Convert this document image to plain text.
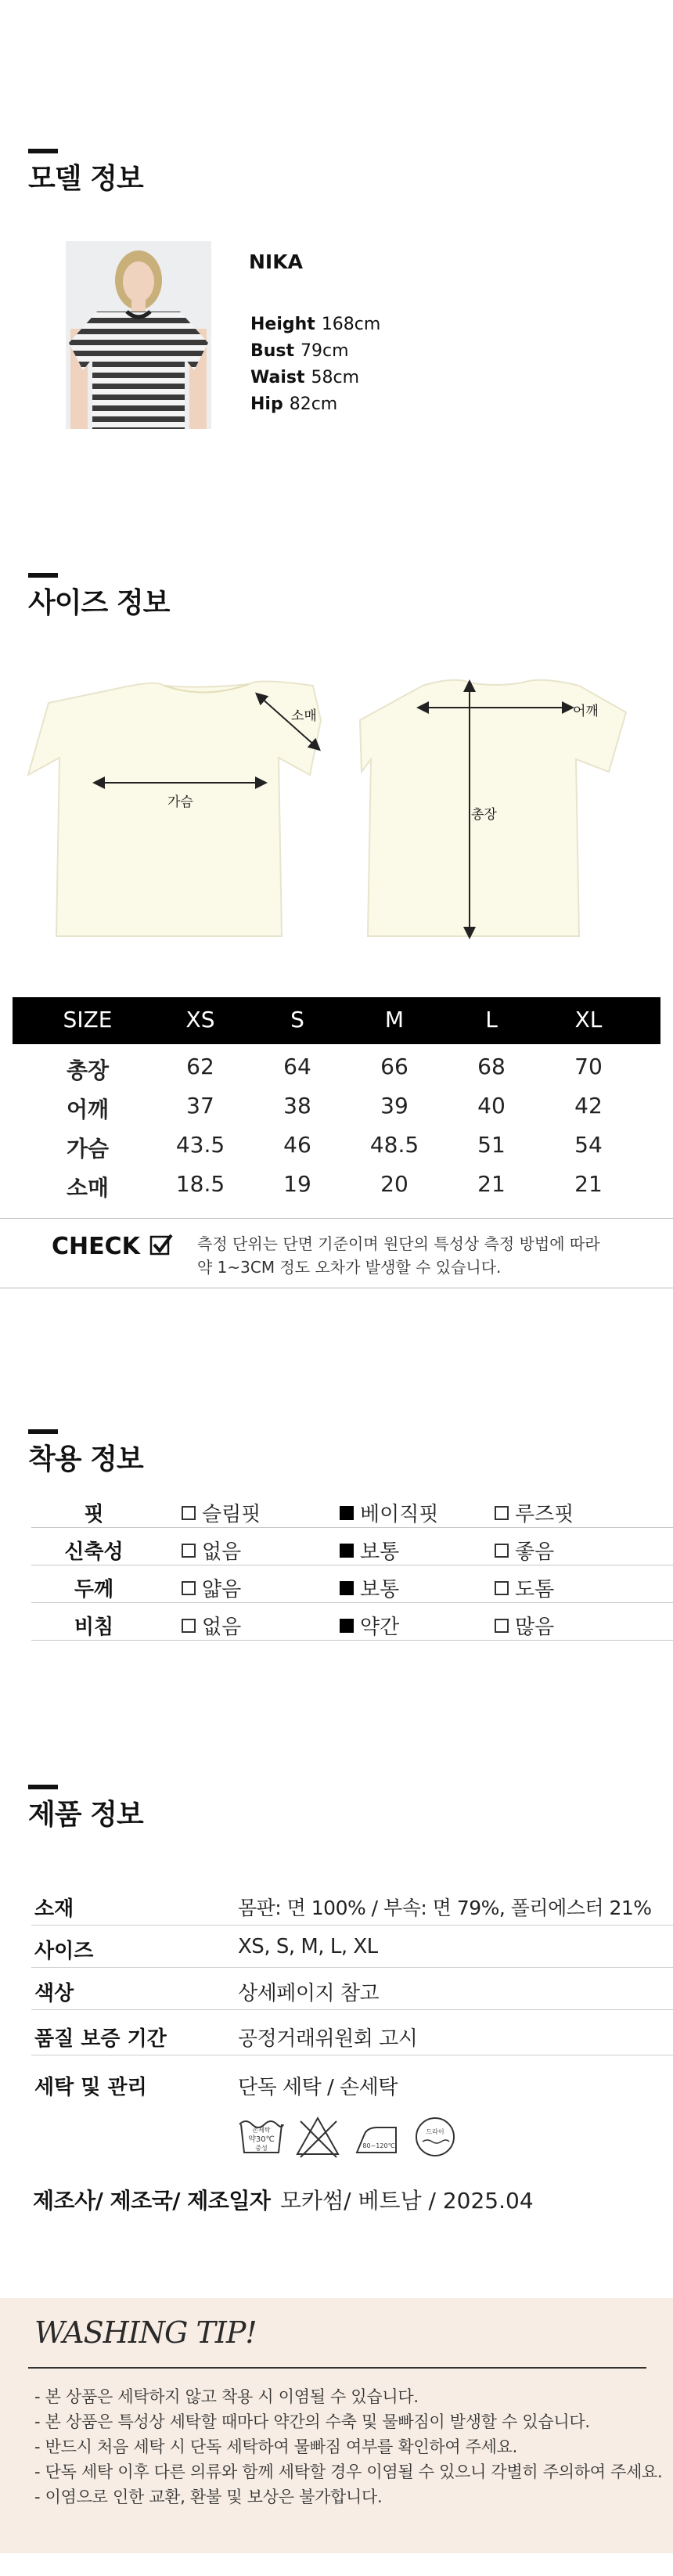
모델 정보
NIKA
Height 168cm
Bust 79cm
Waist 58cm
Hip 82cm
사이즈 정보
소매
가슴
어깨
총장
SIZE	XS	S	M	L	XL
총장	62	64	66	68	70
어깨	37	38	39	40	42
가슴	43.5	46	48.5	51	54
소매	18.5	19	20	21	21
CHECK	측정 단위는 단면 기준이며 원단의 특성상 측정 방법에 따라
약 1~3CM 정도 오차가 발생할 수 있습니다.
착용 정보
핏	슬림핏	베이직핏	루즈핏
신축성	없음	보통	좋음
두께	얇음	보통	도톰
비침	없음	약간	많음
제품 정보
소재	몸판: 면 100% / 부속: 면 79%, 폴리에스터 21%
사이즈	XS, S, M, L, XL
색상	상세페이지 참고
품질 보증 기간	공정거래위원회 고시
세탁 및 관리	단독 세탁 / 손세탁
손세탁
약30℃
중성	80~120℃
드라이
제조사/ 제조국/ 제조일자 모카썸/ 베트남 / 2025.04
WASHING TIP!
- 본 상품은 세탁하지 않고 착용 시 이염될 수 있습니다.
- 본 상품은 특성상 세탁할 때마다 약간의 수축 및 물빠짐이 발생할 수 있습니다.
- 반드시 처음 세탁 시 단독 세탁하여 물빠짐 여부를 확인하여 주세요.
- 단독 세탁 이후 다른 의류와 함께 세탁할 경우 이염될 수 있으니 각별히 주의하여 주세요.
- 이염으로 인한 교환, 환불 및 보상은 불가합니다.
